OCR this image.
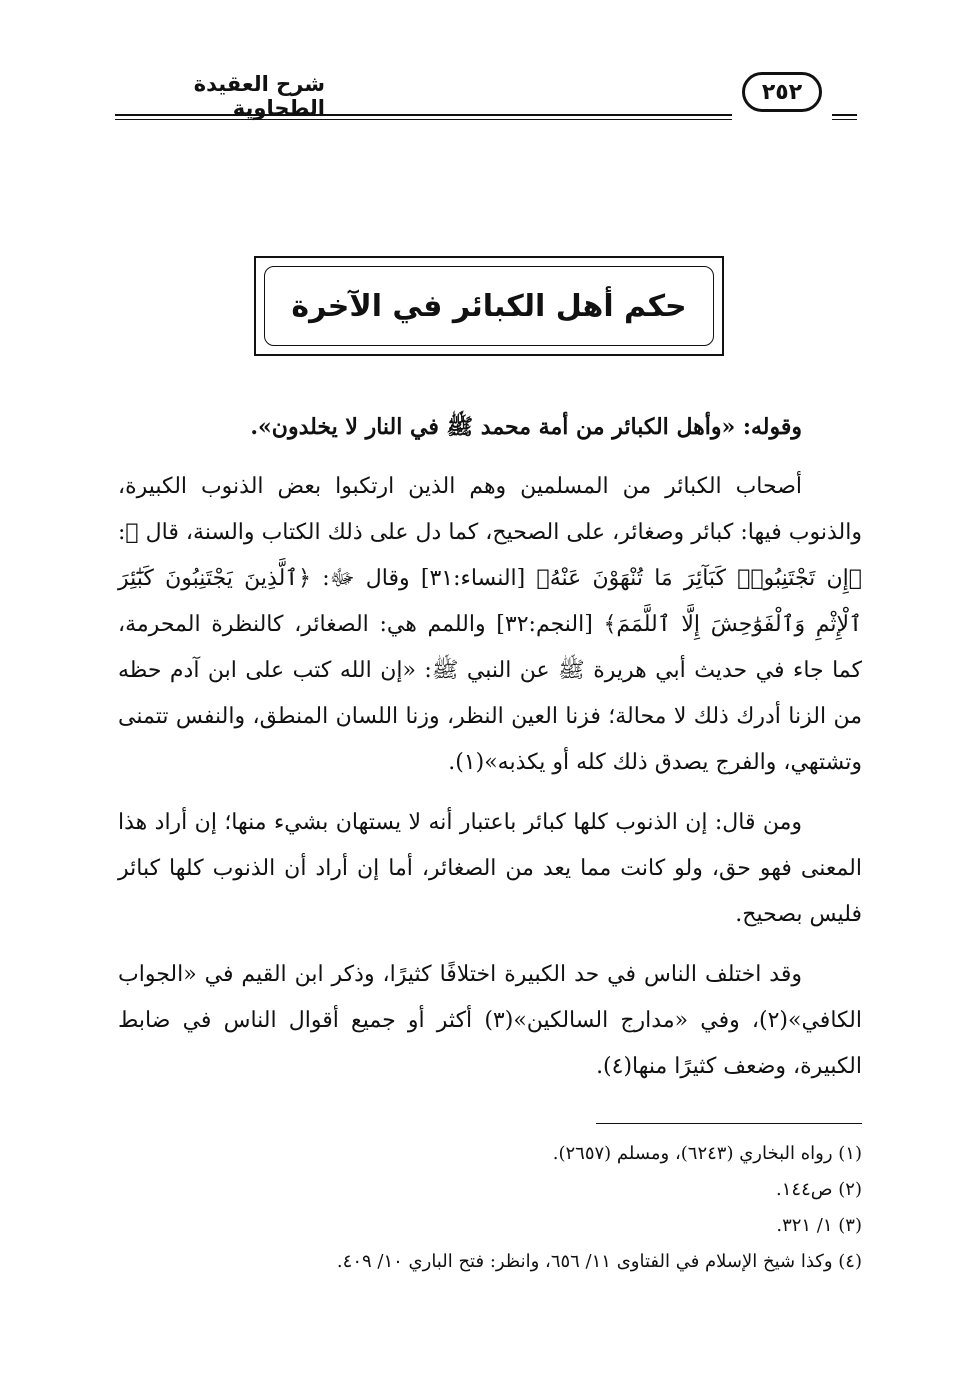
شرح العقيدة الطحاوية
٢٥٢
حكم أهل الكبائر في الآخرة

وقوله: «وأهل الكبائر من أمة محمد ﷺ في النار لا يخلدون».

أصحاب الكبائر من المسلمين وهم الذين ارتكبوا بعض الذنوب الكبيرة، والذنوب فيها: كبائر وصغائر، على الصحيح، كما دل على ذلك الكتاب والسنة، قال ﷻ: ﴿إِن تَجْتَنِبُوا۟ كَبَآئِرَ مَا تُنْهَوْنَ عَنْهُ﴾ [النساء:٣١] وقال ﷻ: ﴿ٱلَّذِينَ يَجْتَنِبُونَ كَبَٰٓئِرَ ٱلْإِثْمِ وَٱلْفَوَٰحِشَ إِلَّا ٱللَّمَمَ﴾ [النجم:٣٢] واللمم هي: الصغائر، كالنظرة المحرمة، كما جاء في حديث أبي هريرة ﷺ عن النبي ﷺ: «إن الله كتب على ابن آدم حظه من الزنا أدرك ذلك لا محالة؛ فزنا العين النظر، وزنا اللسان المنطق، والنفس تتمنى وتشتهي، والفرج يصدق ذلك كله أو يكذبه»(١).

ومن قال: إن الذنوب كلها كبائر باعتبار أنه لا يستهان بشيء منها؛ إن أراد هذا المعنى فهو حق، ولو كانت مما يعد من الصغائر، أما إن أراد أن الذنوب كلها كبائر فليس بصحيح.

وقد اختلف الناس في حد الكبيرة اختلافًا كثيرًا، وذكر ابن القيم في «الجواب الكافي»(٢)، وفي «مدارج السالكين»(٣) أكثر أو جميع أقوال الناس في ضابط الكبيرة، وضعف كثيرًا منها(٤).

(١) رواه البخاري (٦٢٤٣)، ومسلم (٢٦٥٧).

(٢) ص١٤٤.

(٣) ١/ ٣٢١.

(٤) وكذا شيخ الإسلام في الفتاوى ١١/ ٦٥٦، وانظر: فتح الباري ١٠/ ٤٠٩.
